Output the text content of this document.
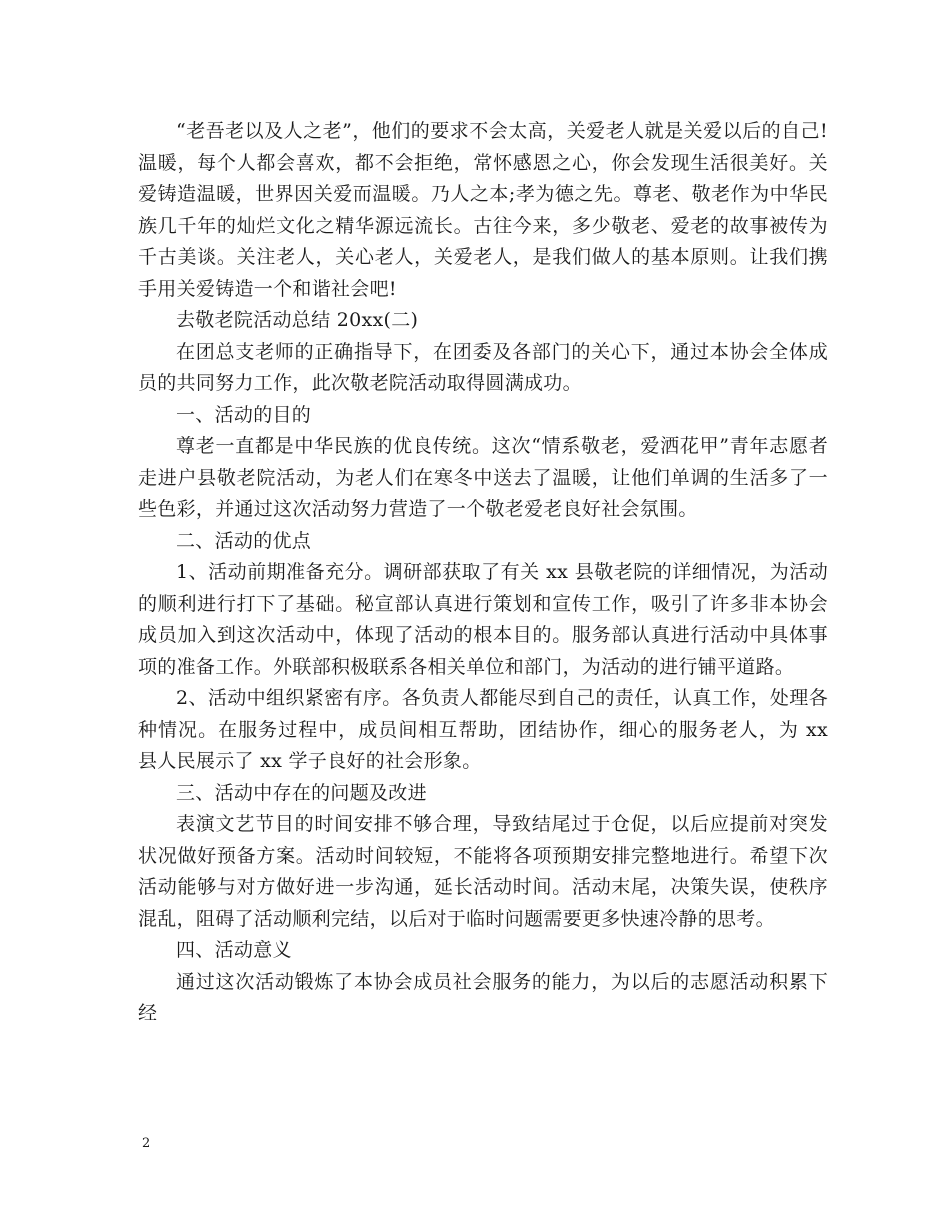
“老吾老以及人之老”，他们的要求不会太高，关爱老人就是关爱以后的自己!温暖，每个人都会喜欢，都不会拒绝，常怀感恩之心，你会发现生活很美好。关爱铸造温暖，世界因关爱而温暖。乃人之本;孝为德之先。尊老、敬老作为中华民族几千年的灿烂文化之精华源远流长。古往今来，多少敬老、爱老的故事被传为千古美谈。关注老人，关心老人，关爱老人，是我们做人的基本原则。让我们携手用关爱铸造一个和谐社会吧!

去敬老院活动总结 20xx(二)

在团总支老师的正确指导下，在团委及各部门的关心下，通过本协会全体成员的共同努力工作，此次敬老院活动取得圆满成功。

一、活动的目的

尊老一直都是中华民族的优良传统。这次“情系敬老，爱洒花甲”青年志愿者走进户县敬老院活动，为老人们在寒冬中送去了温暖，让他们单调的生活多了一些色彩，并通过这次活动努力营造了一个敬老爱老良好社会氛围。

二、活动的优点

1、活动前期准备充分。调研部获取了有关 xx 县敬老院的详细情况，为活动的顺利进行打下了基础。秘宣部认真进行策划和宣传工作，吸引了许多非本协会成员加入到这次活动中，体现了活动的根本目的。服务部认真进行活动中具体事项的准备工作。外联部积极联系各相关单位和部门，为活动的进行铺平道路。

2、活动中组织紧密有序。各负责人都能尽到自己的责任，认真工作，处理各种情况。在服务过程中，成员间相互帮助，团结协作，细心的服务老人，为 xx 县人民展示了 xx 学子良好的社会形象。

三、活动中存在的问题及改进

表演文艺节目的时间安排不够合理，导致结尾过于仓促，以后应提前对突发状况做好预备方案。活动时间较短，不能将各项预期安排完整地进行。希望下次活动能够与对方做好进一步沟通，延长活动时间。活动末尾，决策失误，使秩序混乱，阻碍了活动顺利完结，以后对于临时问题需要更多快速冷静的思考。

四、活动意义

通过这次活动锻炼了本协会成员社会服务的能力，为以后的志愿活动积累下经

2
